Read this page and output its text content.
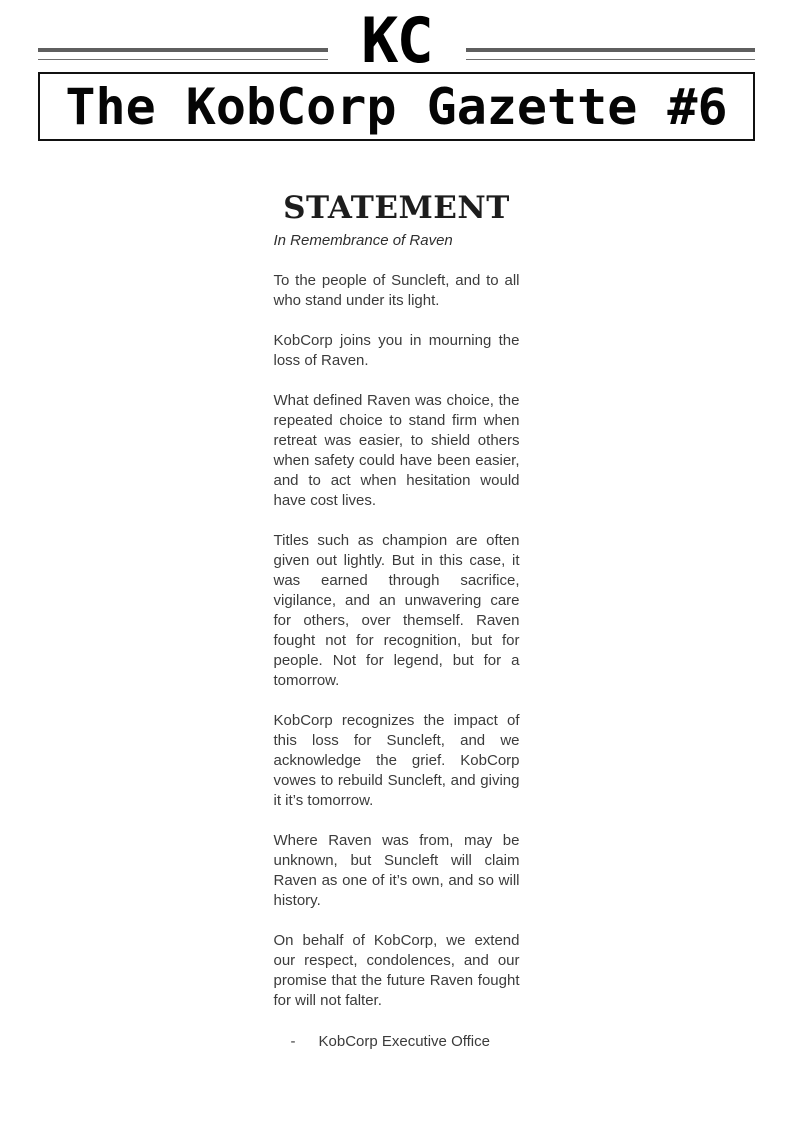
KC
The KobCorp Gazette #6
STATEMENT

In Remembrance of Raven

To the people of Suncleft, and to all who stand under its light.

KobCorp joins you in mourning the loss of Raven.

What defined Raven was choice, the repeated choice to stand firm when retreat was easier, to shield others when safety could have been easier, and to act when hesitation would have cost lives.

Titles such as champion are often given out lightly. But in this case, it was earned through sacrifice, vigilance, and an unwavering care for others, over themself. Raven fought not for recognition, but for people. Not for legend, but for a tomorrow.

KobCorp recognizes the impact of this loss for Suncleft, and we acknowledge the grief. KobCorp vowes to rebuild Suncleft, and giving it it’s tomorrow.

Where Raven was from, may be unknown, but Suncleft will claim Raven as one of it’s own, and so will history.

On behalf of KobCorp, we extend our respect, condolences, and our promise that the future Raven fought for will not falter.

- KobCorp Executive Office
